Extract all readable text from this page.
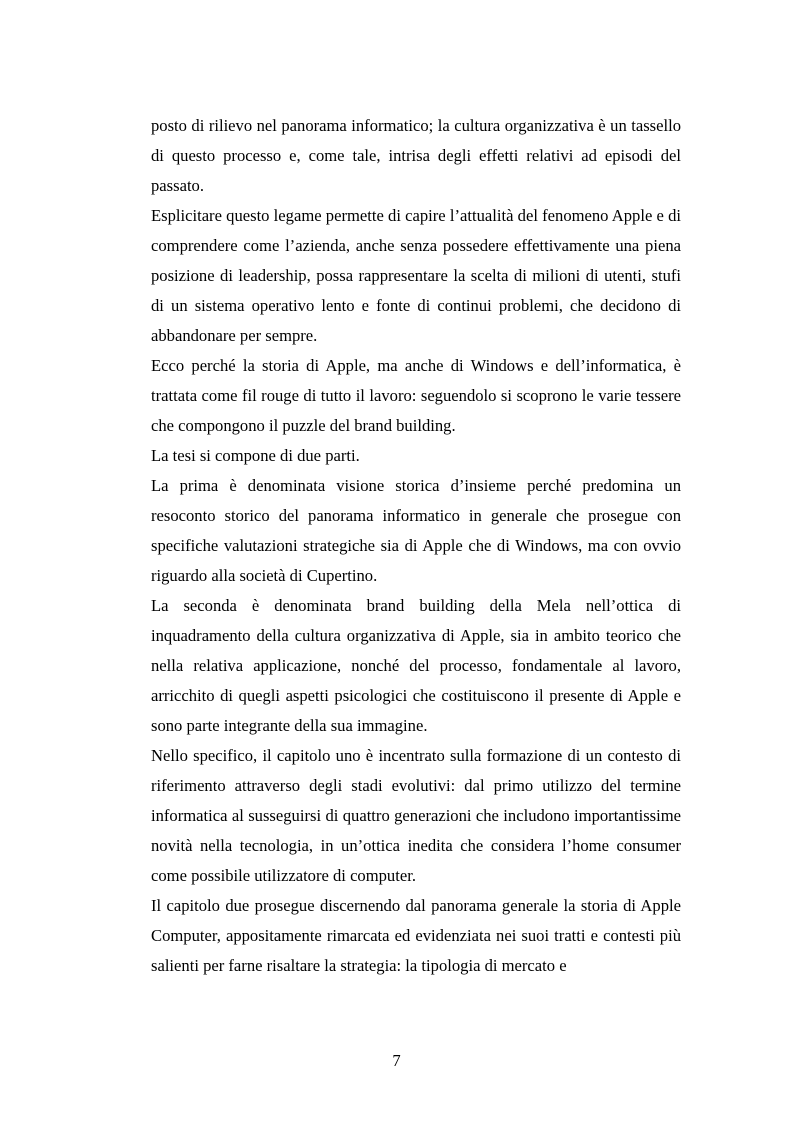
posto di rilievo nel panorama informatico; la cultura organizzativa è un tassello di questo processo e, come tale, intrisa degli effetti relativi ad episodi del passato.

Esplicitare questo legame permette di capire l’attualità del fenomeno Apple e di comprendere come l’azienda, anche senza possedere effettivamente una piena posizione di leadership, possa rappresentare la scelta di milioni di utenti, stufi di un sistema operativo lento e fonte di continui problemi, che decidono di abbandonare per sempre.

Ecco perché la storia di Apple, ma anche di Windows e dell’informatica, è trattata come fil rouge di tutto il lavoro: seguendolo si scoprono le varie tessere che compongono il puzzle del brand building.

La tesi si compone di due parti.

La prima è denominata visione storica d’insieme perché predomina un resoconto storico del panorama informatico in generale che prosegue con specifiche valutazioni strategiche sia di Apple che di Windows, ma con ovvio riguardo alla società di Cupertino.

La seconda è denominata brand building della Mela nell’ottica di inquadramento della cultura organizzativa di Apple, sia in ambito teorico che nella relativa applicazione, nonché del processo, fondamentale al lavoro, arricchito di quegli aspetti psicologici che costituiscono il presente di Apple e sono parte integrante della sua immagine.

Nello specifico, il capitolo uno è incentrato sulla formazione di un contesto di riferimento attraverso degli stadi evolutivi: dal primo utilizzo del termine informatica al susseguirsi di quattro generazioni che includono importantissime novità nella tecnologia, in un’ottica inedita che considera l’home consumer come possibile utilizzatore di computer.

Il capitolo due prosegue discernendo dal panorama generale la storia di Apple Computer, appositamente rimarcata ed evidenziata nei suoi tratti e contesti più salienti per farne risaltare la strategia: la tipologia di mercato e

7
